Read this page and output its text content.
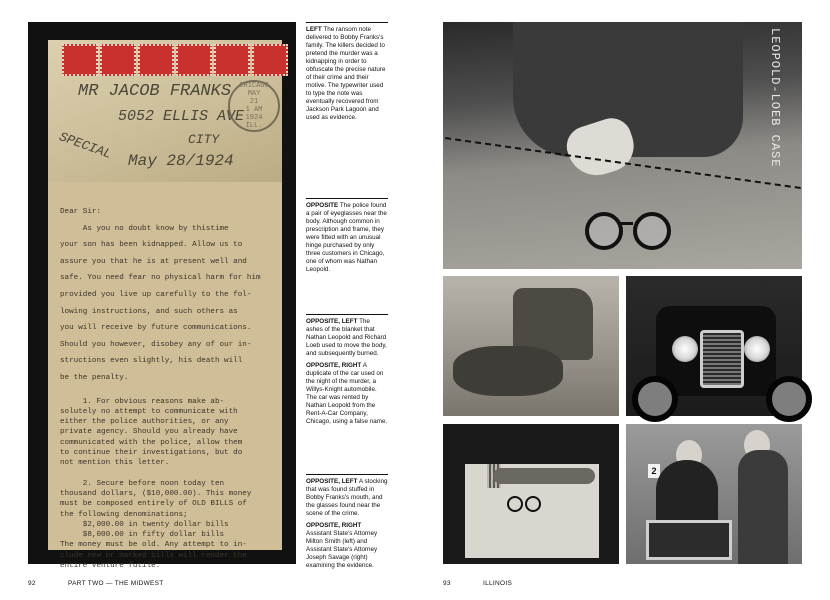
MR JACOB FRANKS
5052 ELLIS AVE
CITY
SPECIAL May 28/1924
CHICAGO
MAY
21
1 AM
1924
ILL.

Dear Sir:

As you no doubt know by thistime

your son has been kidnapped. Allow us to

assure you that he is at present well and

safe. You need fear no physical harm for him

provided you live up carefully to the fol-

lowing instructions, and such others as

you will receive by future communications.

Should you however, disobey any of our in-

structions even slightly, his death will

be the penalty.

1. For obvious reasons make ab-

solutely no attempt to communicate with

either the police authorities, or any

private agency. Should you already have

communicated with the police, allow them

to continue their investigations, but do

not mention this letter.

2. Secure before noon today ten

thousand dollars, ($10,000.00). This money

must be composed entirely of OLD BILLS of

the following denominations;

$2,000.00 in twenty dollar bills

$8,000.00 in fifty dollar bills

The money must be old. Any attempt to in-

clude new or marked bills will render the

entire venture futile.

LEFT The ransom note delivered to Bobby Franks's family. The killers decided to pretend the murder was a kidnapping in order to obfuscate the precise nature of their crime and their motive. The typewriter used to type the note was eventually recovered from Jackson Park Lagoon and used as evidence.

OPPOSITE The police found a pair of eyeglasses near the body. Although common in prescription and frame, they were fitted with an unusual hinge purchased by only three customers in Chicago, one of whom was Nathan Leopold.

OPPOSITE, LEFT The ashes of the blanket that Nathan Leopold and Richard Loeb used to move the body, and subsequently burned.

OPPOSITE, RIGHT A duplicate of the car used on the night of the murder, a Willys-Knight automobile. The car was rented by Nathan Leopold from the Rent-A-Car Company, Chicago, using a false name.

OPPOSITE, LEFT A stocking that was found stuffed in Bobby Franks's mouth, and the glasses found near the scene of the crime.

OPPOSITE, RIGHT Assistant State's Attorney Milton Smith (left) and Assistant State's Attorney Joseph Savage (right) examining the evidence.

LEOPOLD-LOEB CASE
2

92	PART TWO — THE MIDWEST	93	ILLINOIS
